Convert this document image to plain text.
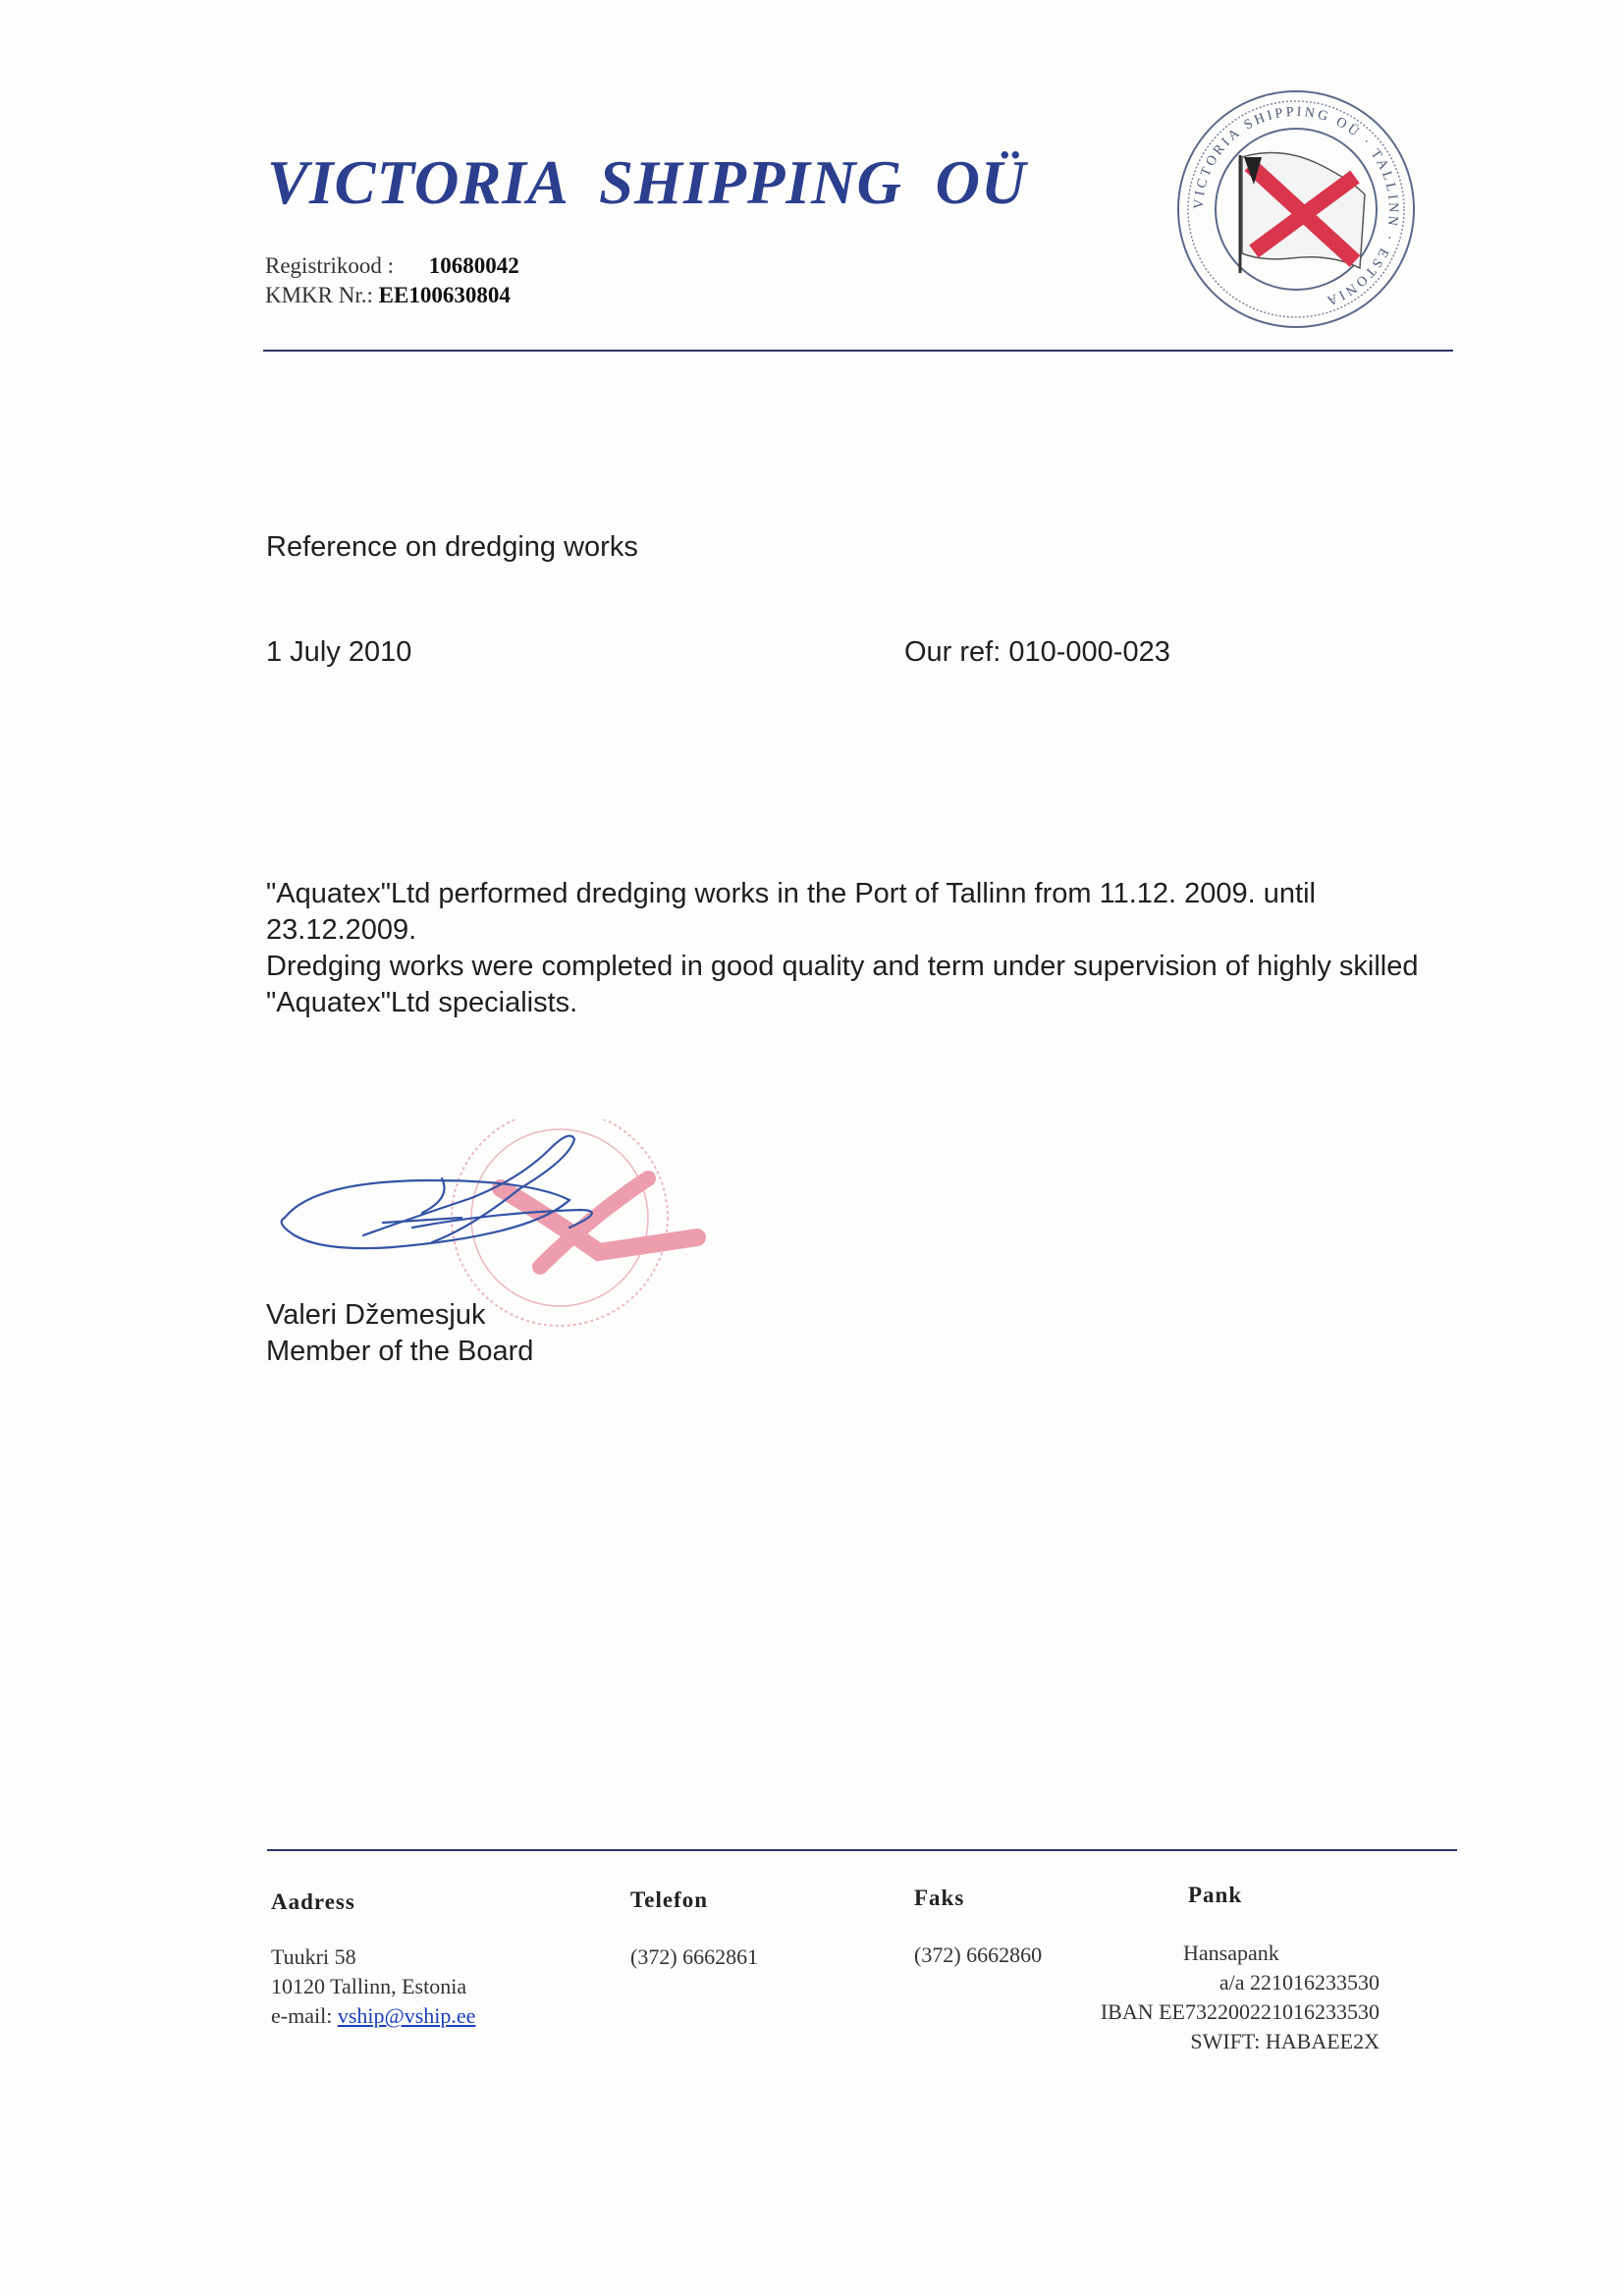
VICTORIA  SHIPPING  OÜ
Registrikood : 10680042
KMKR Nr.: EE100630804
VICTORIA SHIPPING OÜ · TALLINN · ESTONIA
Reference on dredging works
1 July 2010	Our ref: 010-000-023

"Aquatex"Ltd performed dredging works in the Port of Tallinn from 11.12. 2009. until 23.12.2009.

Dredging works were completed in good quality and term under supervision of highly skilled "Aquatex"Ltd specialists.

Valeri Džemesjuk
Member of the Board
Aadress
Tuukri 58
10120 Tallinn, Estonia
e-mail: vship@vship.ee
Telefon
(372) 6662861
Faks
(372) 6662860
Pank
Hansapank
a/a 221016233530
IBAN EE732200221016233530
SWIFT: HABAEE2X
